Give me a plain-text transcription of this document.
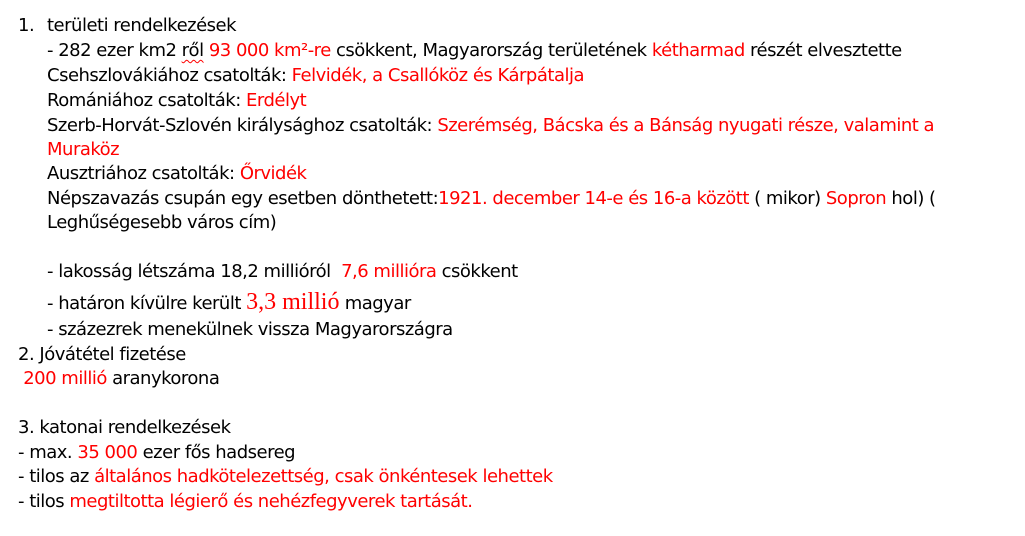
1. területi rendelkezések
- 282 ezer km2 ről 93 000 km²-re csökkent, Magyarország területének kétharmad részét elvesztette
Csehszlovákiához csatolták: Felvidék, a Csallóköz és Kárpátalja
Romániához csatolták: Erdélyt
Szerb-Horvát-Szlovén királysághoz csatolták: Szerémség, Bácska és a Bánság nyugati része, valamint a
Muraköz
Ausztriához csatolták: Őrvidék
Népszavazás csupán egy esetben dönthetett:1921. december 14-e és 16-a között ( mikor) Sopron hol) (
Leghűségesebb város cím)
- lakosság létszáma 18,2 millióról  7,6 millióra csökkent
- határon kívülre került 3,3 millió magyar
- százezrek menekülnek vissza Magyarországra
2. Jóvátétel fizetése
200 millió aranykorona
3. katonai rendelkezések
- max. 35 000 ezer fős hadsereg
- tilos az általános hadkötelezettség, csak önkéntesek lehettek
- tilos megtiltotta légierő és nehézfegyverek tartását.
